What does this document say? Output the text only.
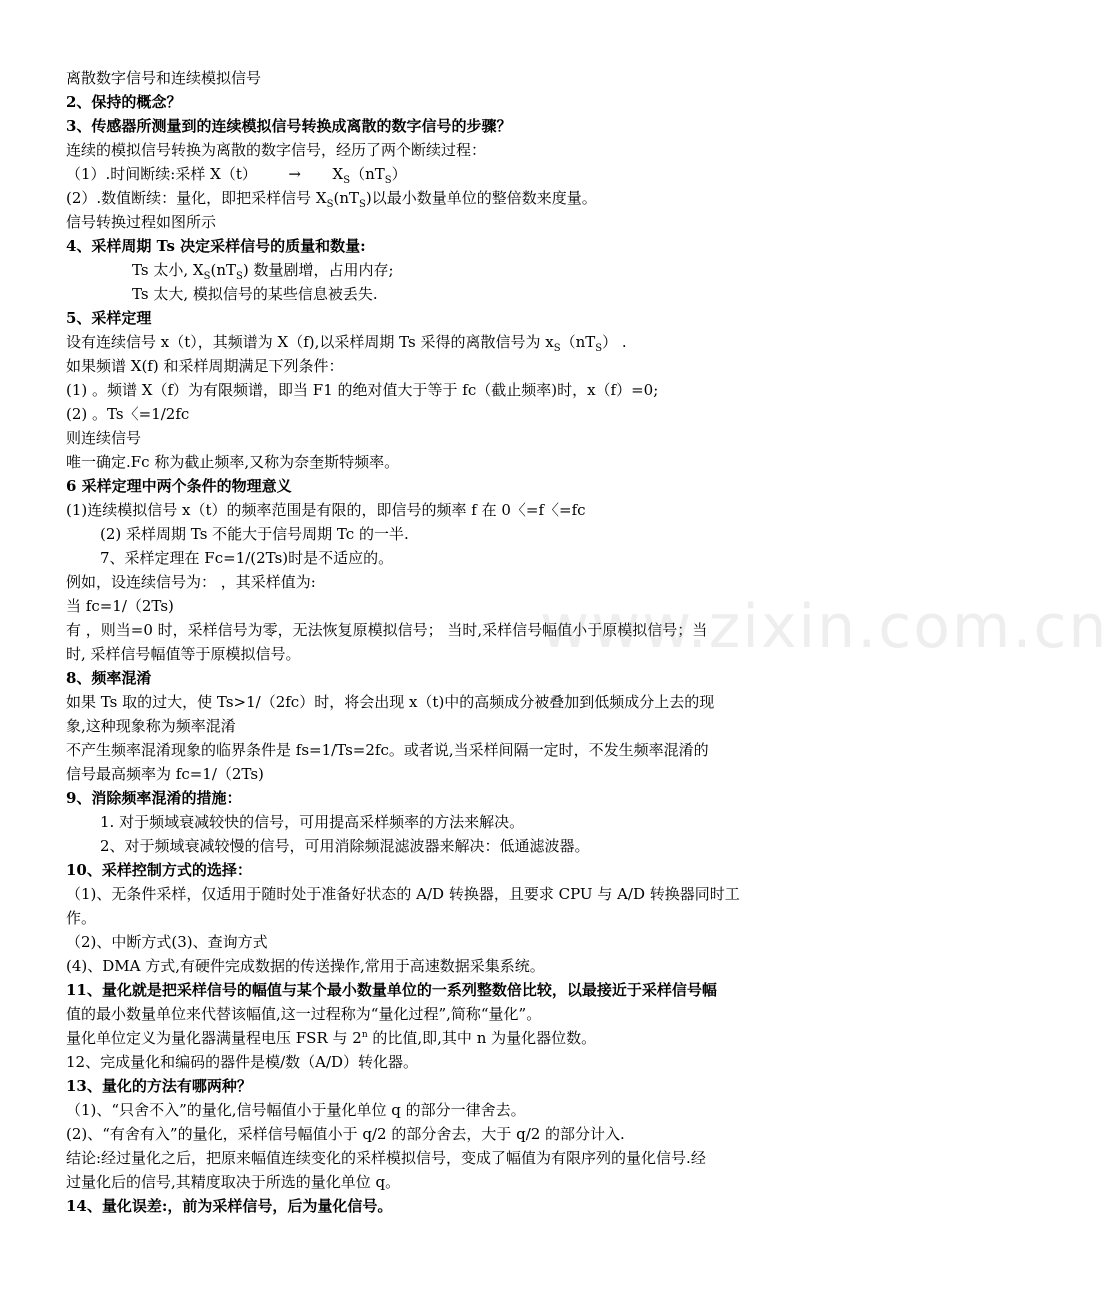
离散数字信号和连续模拟信号
2、保持的概念？
3、传感器所测量到的连续模拟信号转换成离散的数字信号的步骤？
连续的模拟信号转换为离散的数字信号，经历了两个断续过程：
（1）.时间断续:采样 $X(t) \to X_S(nT_S)$
(2）.数值断续：量化，即把采样信号 $X_S(nT_S)$以最小数量单位的整倍数来度量。
信号转换过程如图所示
4、采样周期 Ts 决定采样信号的质量和数量:
Ts 太小, $X_S(nT_S)$ 数量剧增，占用内存;
Ts 太大, 模拟信号的某些信息被丢失.
5、采样定理
设有连续信号 x（t），其频谱为 X（f),以采样周期 Ts 采得的离散信号为 $x_S(nT_S)$ .
如果频谱 X(f) 和采样周期满足下列条件：
(1) 。频谱 X（f）为有限频谱，即当 F1 的绝对值大于等于 fc（截止频率)时，x（f）=0;
(2) 。Ts〈=1/2fc
则连续信号
唯一确定.Fc 称为截止频率,又称为奈奎斯特频率。
6 采样定理中两个条件的物理意义
(1)连续模拟信号 x（t）的频率范围是有限的，即信号的频率 f 在 0〈=f〈=fc
(2) 采样周期 Ts 不能大于信号周期 Tc 的一半.
7、采样定理在 Fc=1/(2Ts)时是不适应的。
例如，设连续信号为： ，其采样值为:
当 fc=1/（2Ts)
有 ，则当=0 时，采样信号为零，无法恢复原模拟信号； 当时,采样信号幅值小于原模拟信号；当
时, 采样信号幅值等于原模拟信号。
8、频率混淆
如果 Ts 取的过大，使 Ts>1/（2fc）时，将会出现 x（t)中的高频成分被叠加到低频成分上去的现
象,这种现象称为频率混淆
不产生频率混淆现象的临界条件是 fs=1/Ts=2fc。或者说,当采样间隔一定时，不发生频率混淆的
信号最高频率为 fc=1/（2Ts)
9、消除频率混淆的措施：
1. 对于频域衰减较快的信号，可用提高采样频率的方法来解决。
2、对于频域衰减较慢的信号，可用消除频混滤波器来解决：低通滤波器。
10、采样控制方式的选择：
（1)、无条件采样，仅适用于随时处于准备好状态的 A/D 转换器，且要求 CPU 与 A/D 转换器同时工
作。
（2)、中断方式(3)、查询方式
(4)、DMA 方式,有硬件完成数据的传送操作,常用于高速数据采集系统。
11、量化就是把采样信号的幅值与某个最小数量单位的一系列整数倍比较，以最接近于采样信号幅
值的最小数量单位来代替该幅值,这一过程称为“量化过程”,简称“量化”。
量化单位定义为量化器满量程电压 FSR 与 2$^n$ 的比值,即,其中 n 为量化器位数。
12、完成量化和编码的器件是模/数（A/D）转化器。
13、量化的方法有哪两种？
（1)、“只舍不入”的量化,信号幅值小于量化单位 q 的部分一律舍去。
(2)、“有舍有入”的量化，采样信号幅值小于 q/2 的部分舍去，大于 q/2 的部分计入.
结论:经过量化之后，把原来幅值连续变化的采样模拟信号，变成了幅值为有限序列的量化信号.经
过量化后的信号,其精度取决于所选的量化单位 q。
14、量化误差:，前为采样信号，后为量化信号。
www.zixin.com.cn
